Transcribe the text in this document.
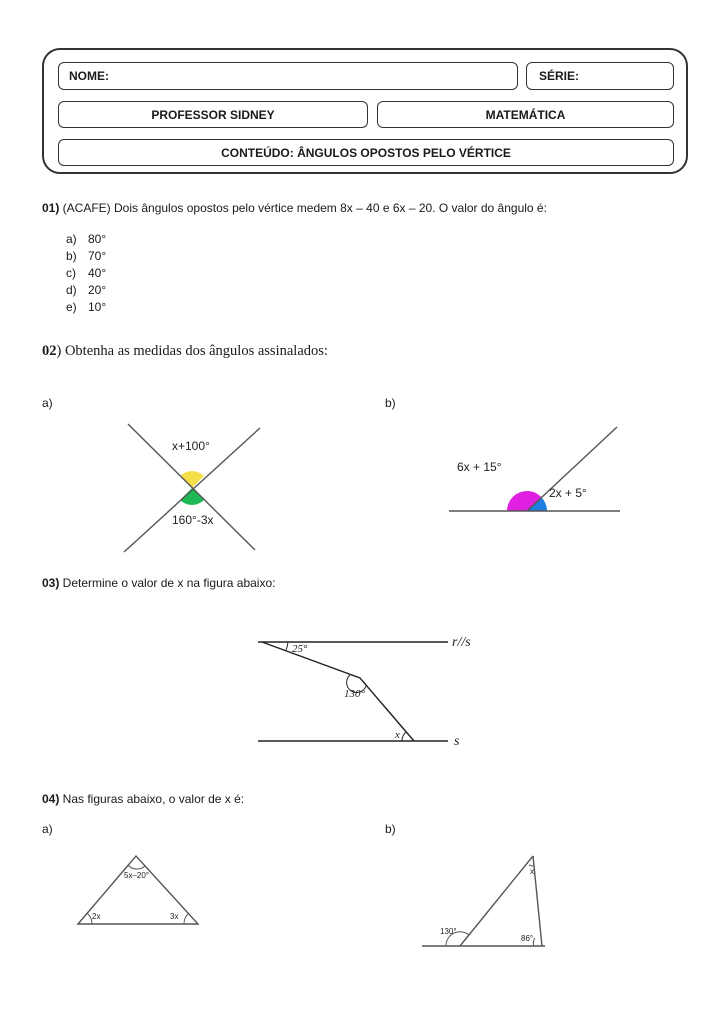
NOME:	SÉRIE:
PROFESSOR SIDNEY	MATEMÁTICA
CONTEÚDO: ÂNGULOS OPOSTOS PELO VÉRTICE
01) (ACAFE) Dois ângulos opostos pelo vértice medem 8x – 40 e 6x – 20. O valor do ângulo é:
a) 80°
b) 70°
c) 40°
d) 20°
e) 10°
02) Obtenha as medidas dos ângulos assinalados:
a)	b)
x+100°
160°-3x
6x + 15°
2x + 5°
03) Determine o valor de x na figura abaixo:
25°
130°
x
r//s
s
04) Nas figuras abaixo, o valor de x é:
a)	b)
5x–20°
2x	3x
x
130°
86°
